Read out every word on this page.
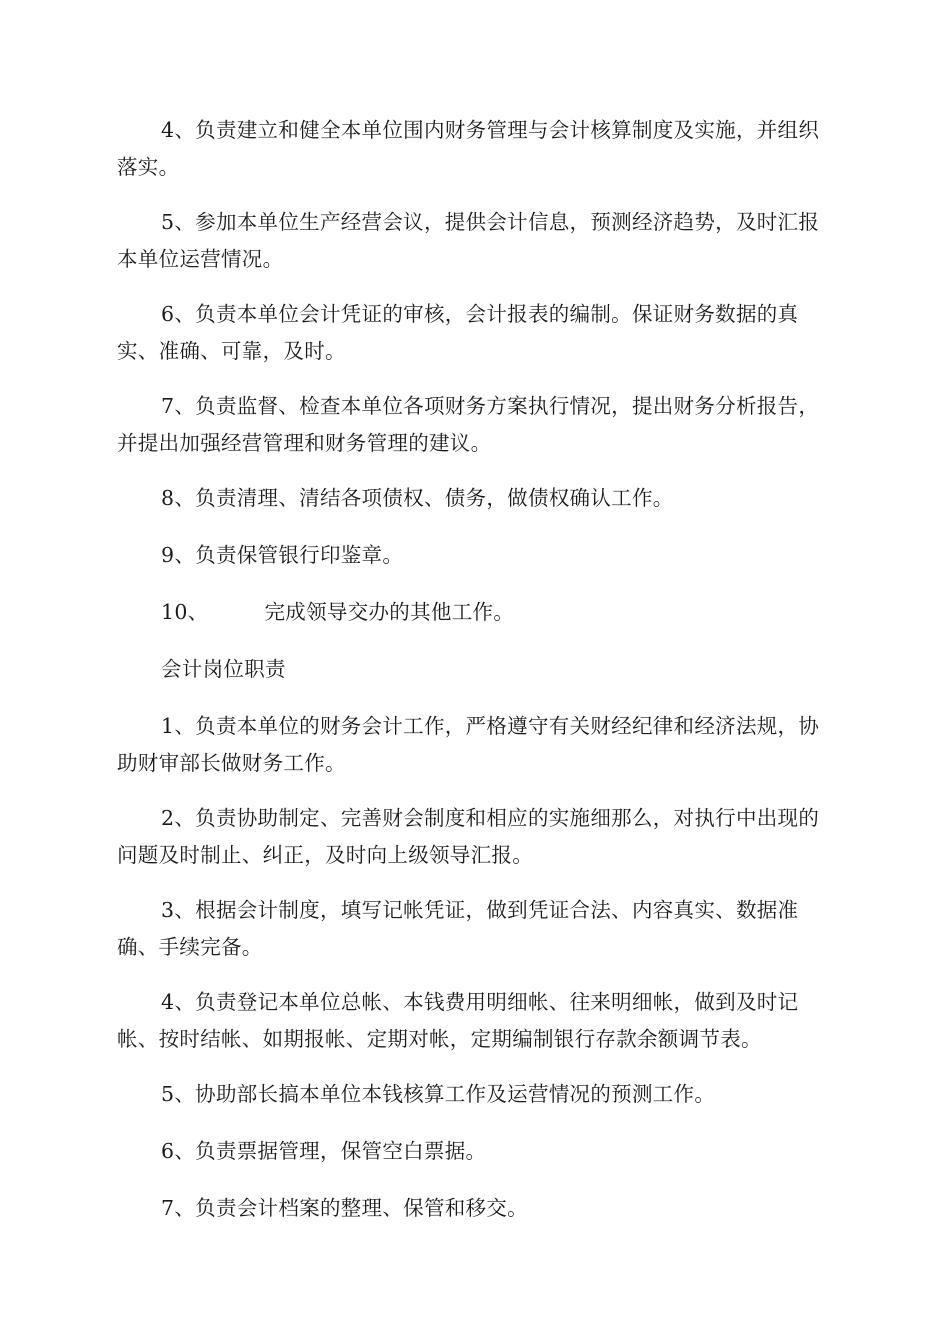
4、负责建立和健全本单位围内财务管理与会计核算制度及实施，并组织落实。

5、参加本单位生产经营会议，提供会计信息，预测经济趋势，及时汇报本单位运营情况。

6、负责本单位会计凭证的审核，会计报表的编制。保证财务数据的真实、准确、可靠，及时。

7、负责监督、检查本单位各项财务方案执行情况，提出财务分析报告，并提出加强经营管理和财务管理的建议。

8、负责清理、清结各项债权、债务，做债权确认工作。

9、负责保管银行印鉴章。

10、	完成领导交办的其他工作。

会计岗位职责

1、负责本单位的财务会计工作，严格遵守有关财经纪律和经济法规，协助财审部长做财务工作。

2、负责协助制定、完善财会制度和相应的实施细那么，对执行中出现的问题及时制止、纠正，及时向上级领导汇报。

3、根据会计制度，填写记帐凭证，做到凭证合法、内容真实、数据准确、手续完备。

4、负责登记本单位总帐、本钱费用明细帐、往来明细帐，做到及时记帐、按时结帐、如期报帐、定期对帐，定期编制银行存款余额调节表。

5、协助部长搞本单位本钱核算工作及运营情况的预测工作。

6、负责票据管理，保管空白票据。

7、负责会计档案的整理、保管和移交。
